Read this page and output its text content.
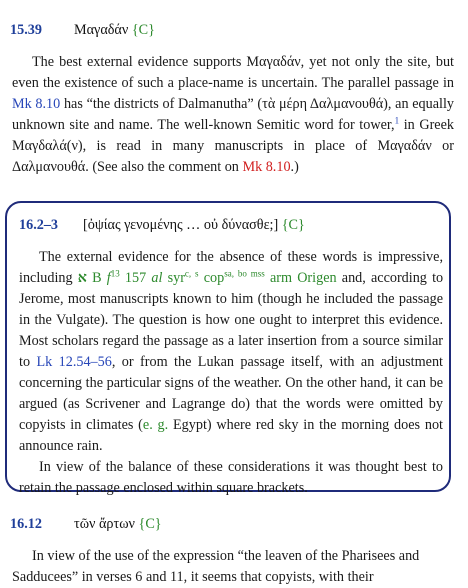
15.39 Μαγαδάν {C}
The best external evidence supports Μαγαδάν, yet not only the site, but even the existence of such a place-name is uncertain. The parallel passage in Mk 8.10 has “the districts of Dalmanutha” (τὰ μέρη Δαλμανουθά), an equally unknown site and name. The well-known Semitic word for tower,$^1$ in Greek Μαγδαλά(ν), is read in many manuscripts in place of Μαγαδάν or Δαλμανουθά. (See also the comment on Mk 8.10.)
16.2–3 [ὀψίας γενομένης … οὐ δύνασθε;] {C}
The external evidence for the absence of these words is impressive, including א B $f^{13}$ 157 al syr$^{c, s}$ cop$^{sa, bo mss}$ arm Origen and, according to Jerome, most manuscripts known to him (though he included the passage in the Vulgate). The question is how one ought to interpret this evidence. Most scholars regard the passage as a later insertion from a source similar to Lk 12.54–56, or from the Lukan passage itself, with an adjustment concerning the particular signs of the weather. On the other hand, it can be argued (as Scrivener and Lagrange do) that the words were omitted by copyists in climates (e. g. Egypt) where red sky in the morning does not announce rain.
In view of the balance of these considerations it was thought best to retain the passage enclosed within square brackets.
16.12 τῶν ἄρτων {C}
In view of the use of the expression “the leaven of the Pharisees and
Sadducees” in verses 6 and 11, it seems that copyists, with their
